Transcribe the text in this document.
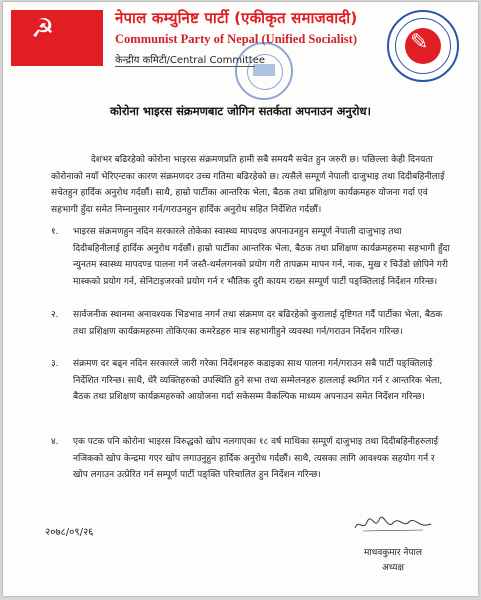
☭	नेपाल कम्युनिष्ट पार्टी (एकीकृत समाजवादी)
Communist Party of Nepal (Unified Socialist)
केन्द्रीय कमिटी/Central Committee
✎
कोरोना भाइरस संक्रमणबाट जोगिन सतर्कता अपनाउन अनुरोध।

देशभर बढिरहेको कोरोना भाइरस संक्रमणप्रति हामी सबै समयमै सचेत हुन जरुरी छ। पछिल्ला केही दिनयता कोरोनाको नयाँ भेरिएन्टका कारण संक्रमणदर उच्च गतिमा बढिरहेको छ। त्यसैले सम्पूर्ण नेपाली दाजुभाइ तथा दिदीबहिनीलाई सचेतहुन हार्दिक अनुरोध गर्दछौं। साथै, हाम्रो पार्टीका आन्तरिक भेला, बैठक तथा प्रशिक्षण कार्यक्रमहरु योजना गर्दा एवं सहभागी हुँदा समेत निम्नानुसार गर्न/गराउनहुन हार्दिक अनुरोध सहित निर्देशित गर्दछौं।

१.	भाइरस संक्रमणहुन नदिन सरकारले तोकेका स्वास्थ्य मापदण्ड अपनाउनहुन सम्पूर्ण नेपाली दाजुभाइ तथा दिदीबहिनीलाई हार्दिक अनुरोध गर्दछौं। हाम्रो पार्टीका आन्तरिक भेला, बैठक तथा प्रशिक्षण कार्यक्रमहरुमा सहभागी हुँदा न्युनतम स्वास्थ्य मापदण्ड पालना गर्न जस्तै-थर्मलगनको प्रयोग गरी तापक्रम मापन गर्न, नाक, मुख र चिउँडो छोपिने गरी मास्कको प्रयोग गर्न, सेनिटाइजरको प्रयोग गर्न र भौतिक दुरी कायम राख्न सम्पूर्ण पार्टी पङ्क्तिलाई निर्देशन गरिन्छ।

२.	सार्वजनीक स्थानमा अनावश्यक भिडभाड नगर्न तथा संक्रमण दर बढिरहेको कुरालाई दृष्टिगत गर्दै पार्टीका भेला, बैठक तथा प्रशिक्षण कार्यक्रमहरुमा तोकिएका कमरेडहरु मात्र सहभागीहुने व्यवस्था गर्न/गराउन निर्देशन गरिन्छ।

३.	संक्रमण दर बढ्न नदिन सरकारले जारी गरेका निर्देशनहरु कडाइका साथ पालना गर्न/गराउन सबै पार्टी पङ्क्तिलाई निर्देशित गरिन्छ। साथै, धेरै व्यक्तिहरुको उपस्थिति हुने सभा तथा सम्मेलनहरु हाललाई स्थगित गर्न र आन्तरिक भेला, बैठक तथा प्रशिक्षण कार्यक्रमहरुको आयोजना गर्दा सकेसम्म वैकल्पिक माध्यम अपनाउन समेत निर्देशन गरिन्छ।

४.	एक पटक पनि कोरोना भाइरस विरुद्धको खोप नलगाएका १८ वर्ष माथिका सम्पूर्ण दाजुभाइ तथा दिदीबहिनीहरुलाई नजिकको खोप केन्द्रमा गएर खोप लगाउनुहुन हार्दिक अनुरोध गर्दछौं। साथै, त्यसका लागि आवश्यक सहयोग गर्न र खोप लगाउन उत्प्रेरित गर्न सम्पूर्ण पार्टी पङ्क्ति परिचालित हुन निर्देशन गरिन्छ।

२०७८/०९/२६
माधवकुमार नेपाल
अध्यक्ष
